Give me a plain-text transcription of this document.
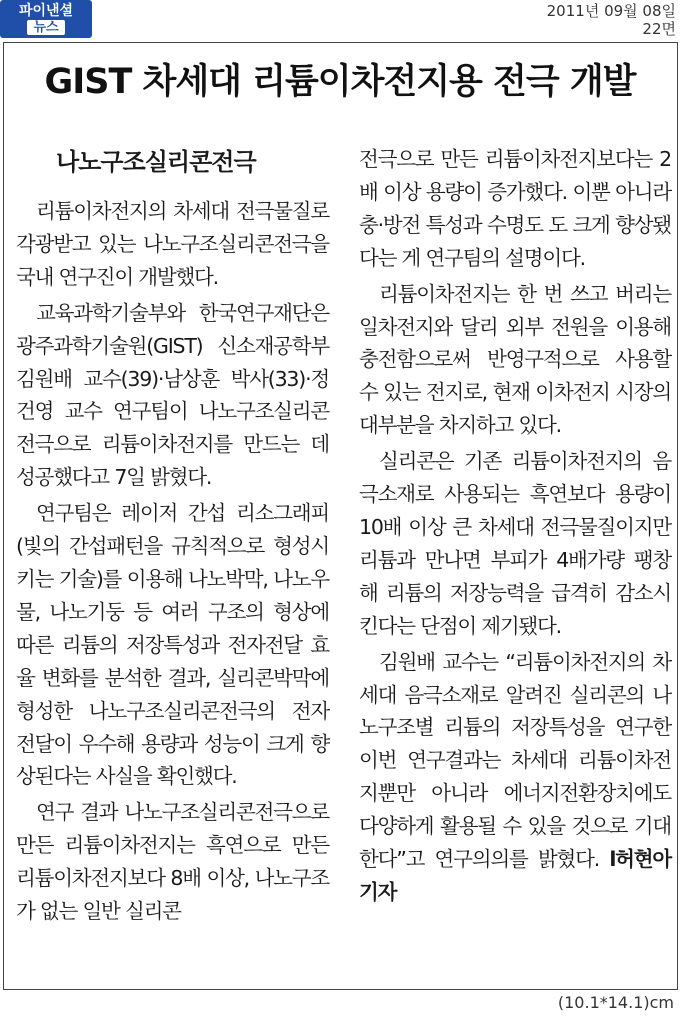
파이낸셜
뉴스
2011년 09월 08일
22면
GIST 차세대 리튬이차전지용 전극 개발
나노구조실리콘전극

리튬이차전지의 차세대 전극물질로 각광받고 있는 나노구조실리콘전극을 국내 연구진이 개발했다.

교육과학기술부와 한국연구재단은 광주과학기술원(GIST) 신소재공학부 김원배 교수(39)·남상훈 박사(33)·정건영 교수 연구팀이 나노구조실리콘전극으로 리튬이차전지를 만드는 데 성공했다고 7일 밝혔다.

연구팀은 레이저 간섭 리소그래피(빛의 간섭패턴을 규칙적으로 형성시키는 기술)를 이용해 나노박막, 나노우물, 나노기둥 등 여러 구조의 형상에 따른 리튬의 저장특성과 전자전달 효율 변화를 분석한 결과, 실리콘박막에 형성한 나노구조실리콘전극의 전자 전달이 우수해 용량과 성능이 크게 향상된다는 사실을 확인했다.

연구 결과 나노구조실리콘전극으로 만든 리튬이차전지는 흑연으로 만든 리튬이차전지보다 8배 이상, 나노구조가 없는 일반 실리콘

전극으로 만든 리튬이차전지보다는 2배 이상 용량이 증가했다. 이뿐 아니라 충·방전 특성과 수명도 도 크게 향상됐다는 게 연구팀의 설명이다.

리튬이차전지는 한 번 쓰고 버리는 일차전지와 달리 외부 전원을 이용해 충전함으로써 반영구적으로 사용할 수 있는 전지로, 현재 이차전지 시장의 대부분을 차지하고 있다.

실리콘은 기존 리튬이차전지의 음극소재로 사용되는 흑연보다 용량이 10배 이상 큰 차세대 전극물질이지만 리튬과 만나면 부피가 4배가량 팽창해 리튬의 저장능력을 급격히 감소시킨다는 단점이 제기됐다.

김원배 교수는 “리튬이차전지의 차세대 음극소재로 알려진 실리콘의 나노구조별 리튬의 저장특성을 연구한 이번 연구결과는 차세대 리튬이차전지뿐만 아니라 에너지전환장치에도 다양하게 활용될 수 있을 것으로 기대한다”고 연구의의를 밝혔다. l허현아기자

(10.1*14.1)cm
